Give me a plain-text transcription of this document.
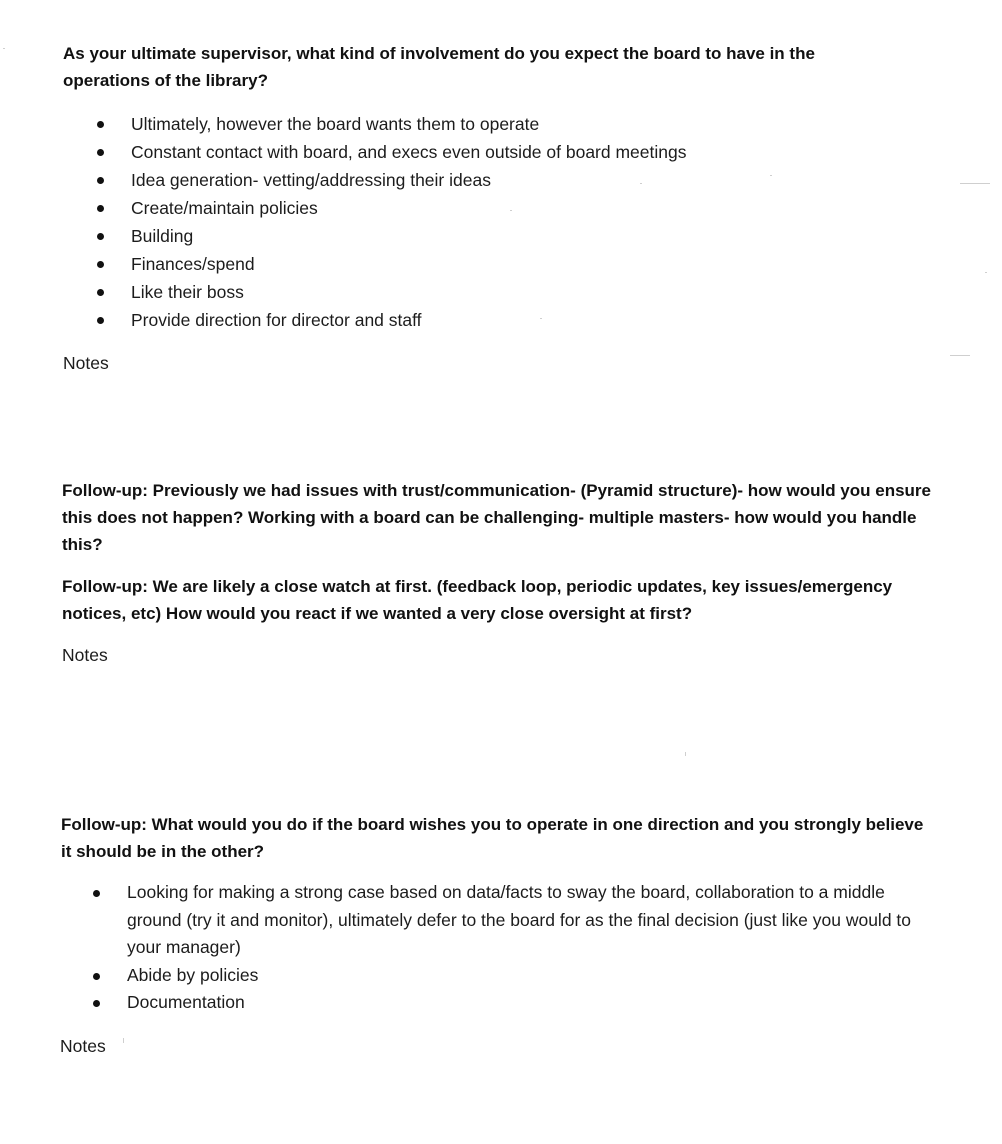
As your ultimate supervisor, what kind of involvement do you expect the board to have in the operations of the library?

Ultimately, however the board wants them to operate
Constant contact with board, and execs even outside of board meetings
Idea generation- vetting/addressing their ideas
Create/maintain policies
Building
Finances/spend
Like their boss
Provide direction for director and staff

Notes

Follow-up: Previously we had issues with trust/communication- (Pyramid structure)- how would you ensure this does not happen? Working with a board can be challenging- multiple masters- how would you handle this?

Follow-up: We are likely a close watch at first. (feedback loop, periodic updates, key issues/emergency notices, etc) How would you react if we wanted a very close oversight at first?

Notes

Follow-up: What would you do if the board wishes you to operate in one direction and you strongly believe it should be in the other?

Looking for making a strong case based on data/facts to sway the board, collaboration to a middle ground (try it and monitor), ultimately defer to the board for as the final decision (just like you would to your manager)
Abide by policies
Documentation

Notes
